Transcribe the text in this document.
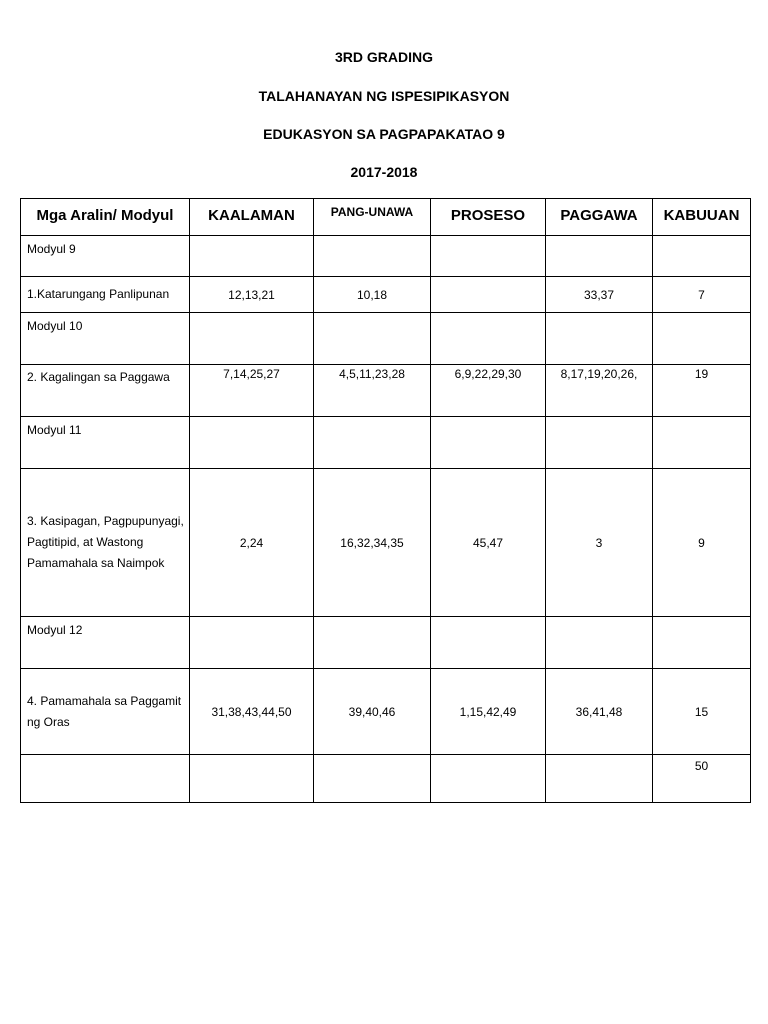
3RD GRADING
TALAHANAYAN NG ISPESIPIKASYON
EDUKASYON SA PAGPAPAKATAO 9
2017-2018
Mga Aralin/ Modyul	KAALAMAN	PANG-UNAWA	PROSESO	PAGGAWA	KABUUAN
Modyul 9					
1.Katarungang Panlipunan	12,13,21	10,18		33,37	7
Modyul 10					
2. Kagalingan sa Paggawa	7,14,25,27	4,5,11,23,28	6,9,22,29,30	8,17,19,20,26,	19
Modyul 11					
3. Kasipagan, Pagpupunyagi, Pagtitipid, at Wastong Pamamahala sa Naimpok	2,24	16,32,34,35	45,47	3	9
Modyul 12					
4. Pamamahala sa Paggamit ng Oras	31,38,43,44,50	39,40,46	1,15,42,49	36,41,48	15
					50
